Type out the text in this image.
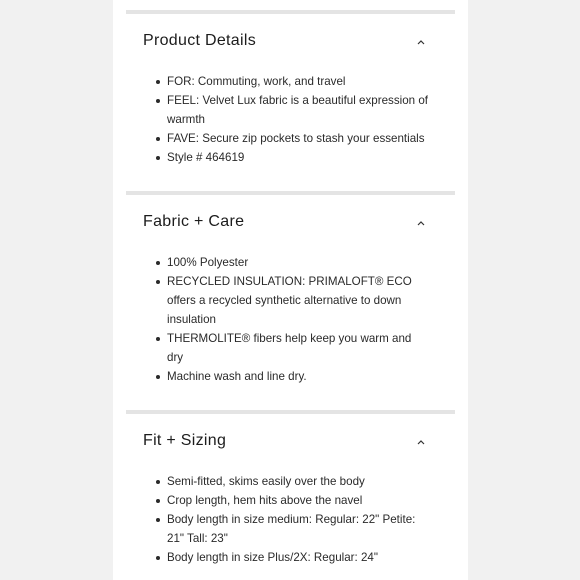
Product Details
FOR: Commuting, work, and travel
FEEL: Velvet Lux fabric is a beautiful expression of warmth
FAVE: Secure zip pockets to stash your essentials
Style # 464619
Fabric + Care
100% Polyester
RECYCLED INSULATION: PRIMALOFT® ECO offers a recycled synthetic alternative to down insulation
THERMOLITE® fibers help keep you warm and dry
Machine wash and line dry.
Fit + Sizing
Semi-fitted, skims easily over the body
Crop length, hem hits above the navel
Body length in size medium: Regular: 22" Petite: 21" Tall: 23"
Body length in size Plus/2X: Regular: 24"
